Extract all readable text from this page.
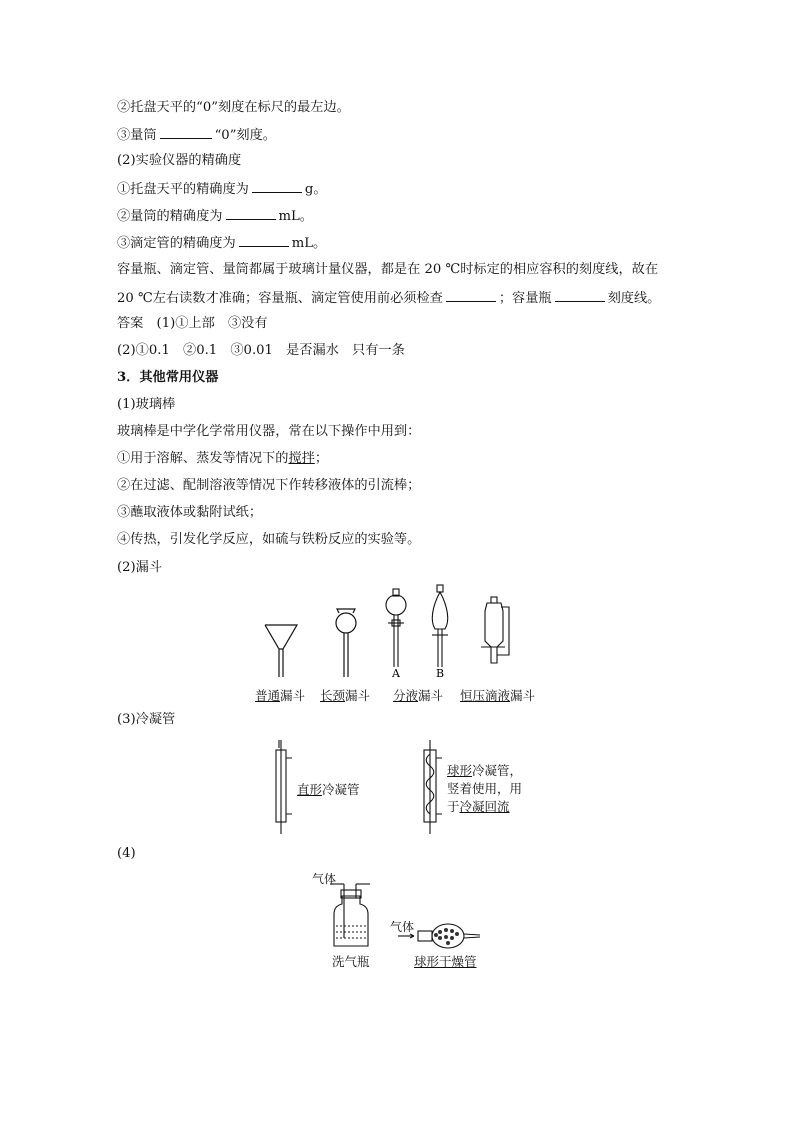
②托盘天平的“0”刻度在标尺的最左边。
③量筒	“0”刻度。
(2)实验仪器的精确度
①托盘天平的精确度为	g。
②量筒的精确度为	mL。
③滴定管的精确度为	mL。
容量瓶、滴定管、量筒都属于玻璃计量仪器，都是在 20 ℃时标定的相应容积的刻度线，故在
20 ℃左右读数才准确；容量瓶、滴定管使用前必须检查	；容量瓶	刻度线。
答案　(1)①上部　③没有
(2)①0.1　②0.1　③0.01　是否漏水　只有一条
3．其他常用仪器
(1)玻璃棒
玻璃棒是中学化学常用仪器，常在以下操作中用到：
①用于溶解、蒸发等情况下的搅拌；
②在过滤、配制溶液等情况下作转移液体的引流棒；
③蘸取液体或黏附试纸；
④传热，引发化学反应，如硫与铁粉反应的实验等。
(2)漏斗
A	B
普通漏斗 长颈漏斗 分液漏斗 恒压滴液漏斗
(3)冷凝管
直形冷凝管
球形冷凝管，
竖着使用，用
于冷凝回流
(4)
气体
气体
洗气瓶	球形干燥管
